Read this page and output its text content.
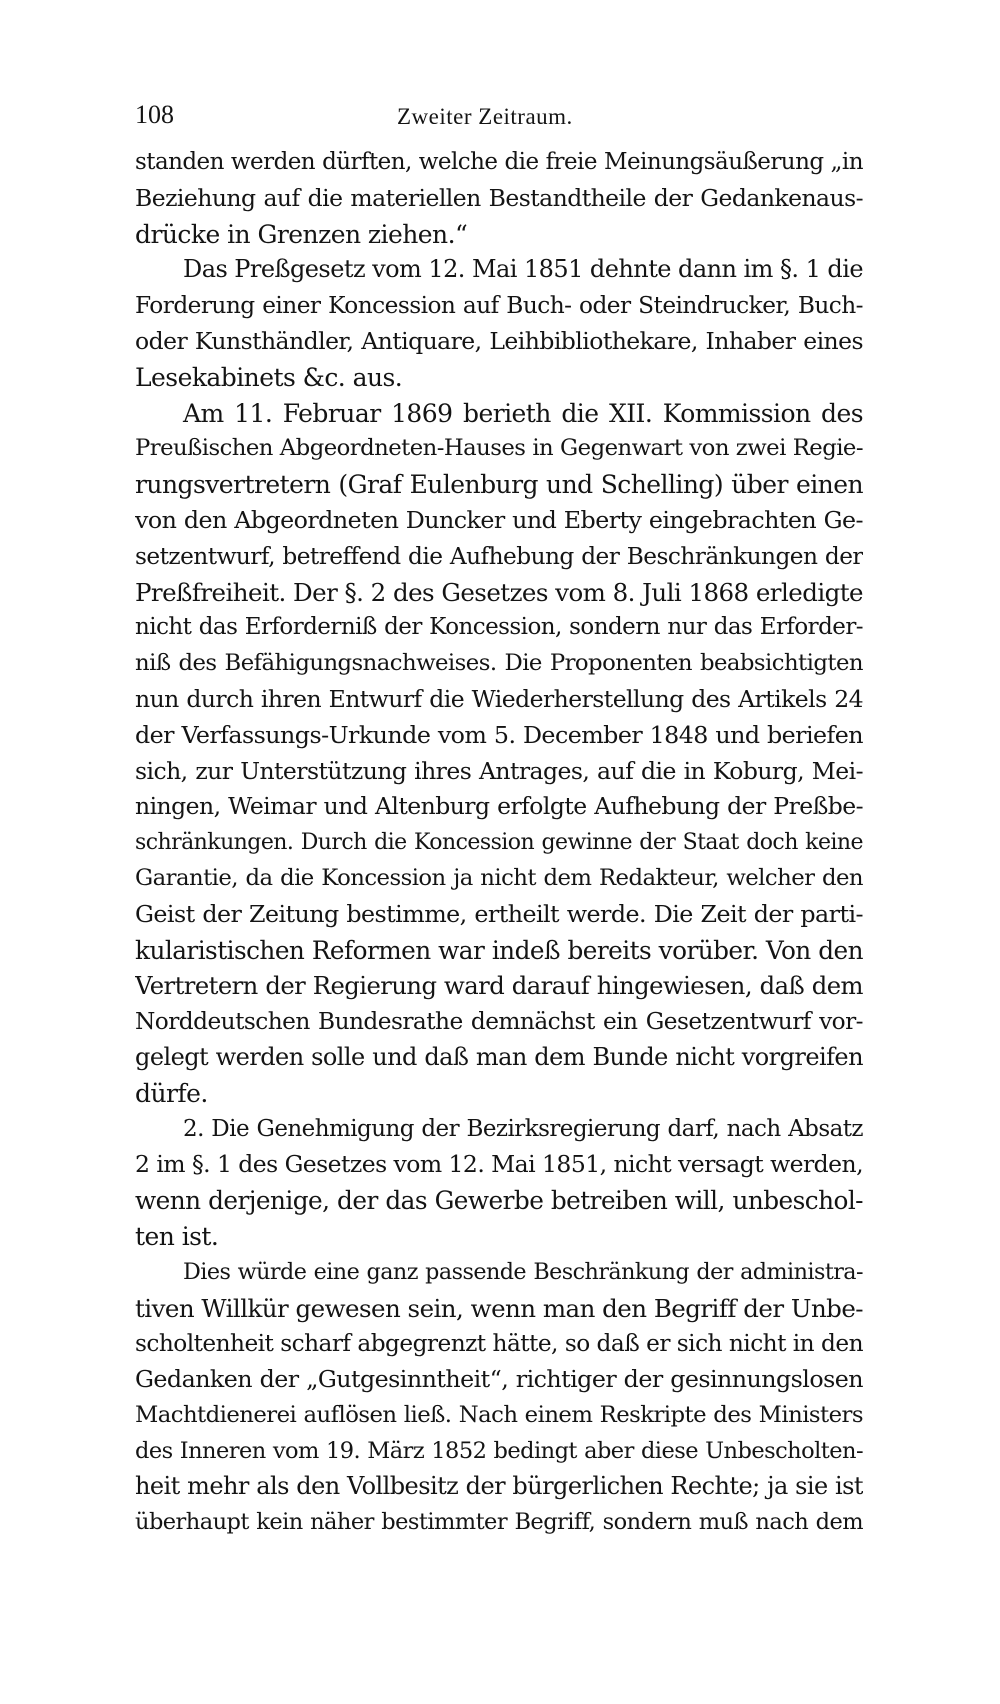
108	Zweiter Zeitraum.
standen werden dürften, welche die freie Meinungsäußerung „in
Beziehung auf die materiellen Bestandtheile der Gedankenaus-
drücke in Grenzen ziehen.“
Das Preßgesetz vom 12. Mai 1851 dehnte dann im §. 1 die
Forderung einer Koncession auf Buch- oder Steindrucker, Buch-
oder Kunsthändler, Antiquare, Leihbibliothekare, Inhaber eines
Lesekabinets &c. aus.
Am 11. Februar 1869 berieth die XII. Kommission des
Preußischen Abgeordneten-Hauses in Gegenwart von zwei Regie-
rungsvertretern (Graf Eulenburg und Schelling) über einen
von den Abgeordneten Duncker und Eberty eingebrachten Ge-
setzentwurf, betreffend die Aufhebung der Beschränkungen der
Preßfreiheit. Der §. 2 des Gesetzes vom 8. Juli 1868 erledigte
nicht das Erforderniß der Koncession, sondern nur das Erforder-
niß des Befähigungsnachweises. Die Proponenten beabsichtigten
nun durch ihren Entwurf die Wiederherstellung des Artikels 24
der Verfassungs-Urkunde vom 5. December 1848 und beriefen
sich, zur Unterstützung ihres Antrages, auf die in Koburg, Mei-
ningen, Weimar und Altenburg erfolgte Aufhebung der Preßbe-
schränkungen. Durch die Koncession gewinne der Staat doch keine
Garantie, da die Koncession ja nicht dem Redakteur, welcher den
Geist der Zeitung bestimme, ertheilt werde. Die Zeit der parti-
kularistischen Reformen war indeß bereits vorüber. Von den
Vertretern der Regierung ward darauf hingewiesen, daß dem
Norddeutschen Bundesrathe demnächst ein Gesetzentwurf vor-
gelegt werden solle und daß man dem Bunde nicht vorgreifen
dürfe.
2. Die Genehmigung der Bezirksregierung darf, nach Absatz
2 im §. 1 des Gesetzes vom 12. Mai 1851, nicht versagt werden,
wenn derjenige, der das Gewerbe betreiben will, unbeschol-
ten ist.
Dies würde eine ganz passende Beschränkung der administra-
tiven Willkür gewesen sein, wenn man den Begriff der Unbe-
scholtenheit scharf abgegrenzt hätte, so daß er sich nicht in den
Gedanken der „Gutgesinntheit“, richtiger der gesinnungslosen
Machtdienerei auflösen ließ. Nach einem Reskripte des Ministers
des Inneren vom 19. März 1852 bedingt aber diese Unbescholten-
heit mehr als den Vollbesitz der bürgerlichen Rechte; ja sie ist
überhaupt kein näher bestimmter Begriff, sondern muß nach dem
